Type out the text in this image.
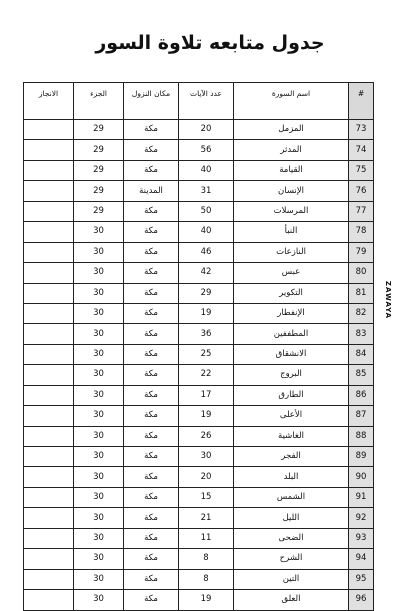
جدول متابعه تلاوة السور
#	اسم السورة	عدد الآيات	مكان النزول	الجزء	الانجاز
73	المزمل	20	مكة	29	
74	المدثر	56	مكة	29	
75	القيامة	40	مكة	29	
76	الإنسان	31	المدينة	29	
77	المرسلات	50	مكة	29	
78	النبأ	40	مكة	30	
79	النازعات	46	مكة	30	
80	عبس	42	مكة	30	
81	التكوير	29	مكة	30	
82	الإنفطار	19	مكة	30	
83	المطففين	36	مكة	30	
84	الانشقاق	25	مكة	30	
85	البروج	22	مكة	30	
86	الطارق	17	مكة	30	
87	الأعلى	19	مكة	30	
88	الغاشية	26	مكة	30	
89	الفجر	30	مكة	30	
90	البلد	20	مكة	30	
91	الشمس	15	مكة	30	
92	الليل	21	مكة	30	
93	الضحى	11	مكة	30	
94	الشرح	8	مكة	30	
95	التين	8	مكة	30	
96	العلق	19	مكة	30	
ZAWAYA
